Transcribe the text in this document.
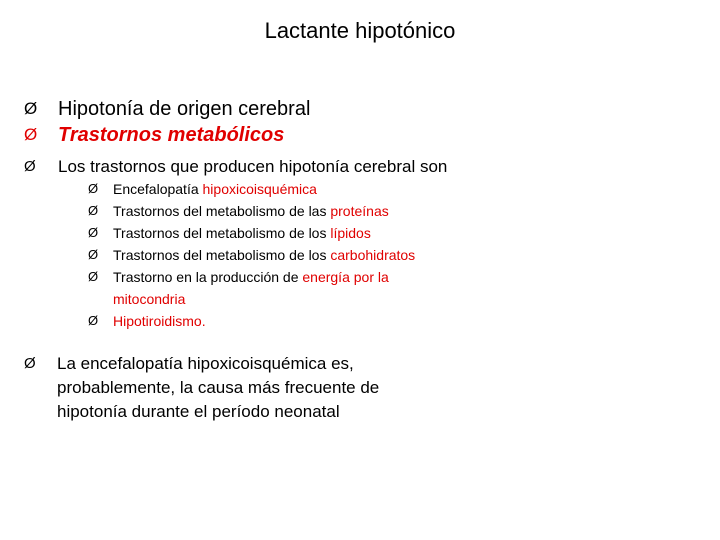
Lactante hipotónico
Ø	Hipotonía de origen cerebral
Ø	Trastornos metabólicos
Ø	Los trastornos que producen hipotonía cerebral son
Ø	Encefalopatía hipoxicoisquémica
Ø	Trastornos del metabolismo de las proteínas
Ø	Trastornos del metabolismo de los lípidos
Ø	Trastornos del metabolismo de los carbohidratos
Ø	Trastorno en la producción de energía por la mitocondria
Ø	Hipotiroidismo.
Ø	La encefalopatía hipoxicoisquémica es, probablemente, la causa más frecuente de hipotonía durante el período neonatal
